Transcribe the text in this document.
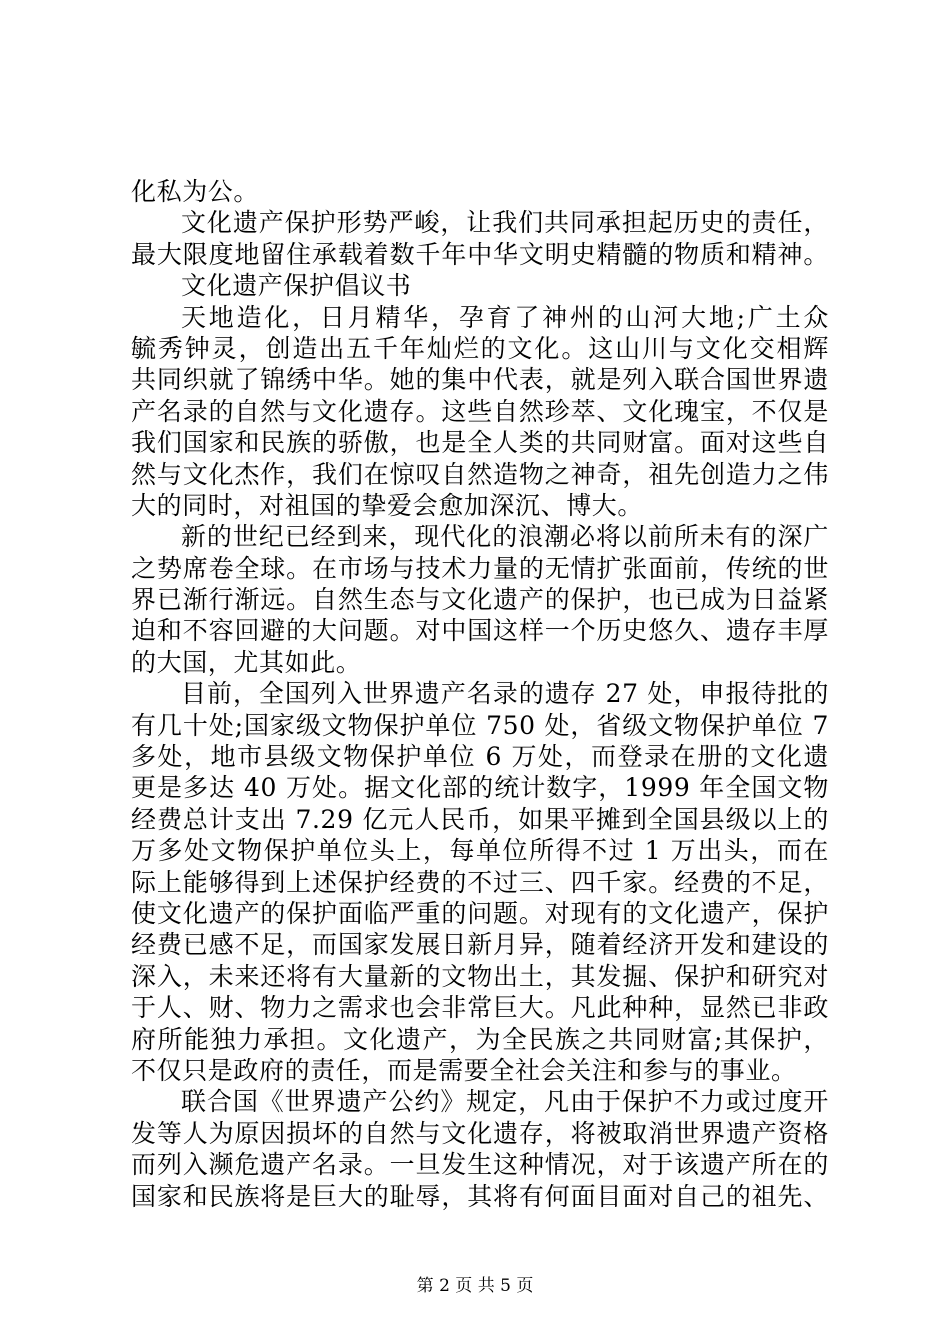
化私为公。
文化遗产保护形势严峻，让我们共同承担起历史的责任，
最大限度地留住承载着数千年中华文明史精髓的物质和精神。
文化遗产保护倡议书
天地造化，日月精华，孕育了神州的山河大地;广土众
毓秀钟灵，创造出五千年灿烂的文化。这山川与文化交相辉
共同织就了锦绣中华。她的集中代表，就是列入联合国世界遗
产名录的自然与文化遗存。这些自然珍萃、文化瑰宝，不仅是
我们国家和民族的骄傲，也是全人类的共同财富。面对这些自
然与文化杰作，我们在惊叹自然造物之神奇，祖先创造力之伟
大的同时，对祖国的挚爱会愈加深沉、博大。
新的世纪已经到来，现代化的浪潮必将以前所未有的深广
之势席卷全球。在市场与技术力量的无情扩张面前，传统的世
界已渐行渐远。自然生态与文化遗产的保护，也已成为日益紧
迫和不容回避的大问题。对中国这样一个历史悠久、遗存丰厚
的大国，尤其如此。
目前，全国列入世界遗产名录的遗存 27 处，申报待批的
有几十处;国家级文物保护单位 750 处，省级文物保护单位 7
多处，地市县级文物保护单位 6 万处，而登录在册的文化遗
更是多达 40 万处。据文化部的统计数字，1999 年全国文物
经费总计支出 7.29 亿元人民币，如果平摊到全国县级以上的
万多处文物保护单位头上，每单位所得不过 1 万出头，而在
际上能够得到上述保护经费的不过三、四千家。经费的不足，
使文化遗产的保护面临严重的问题。对现有的文化遗产，保护
经费已感不足，而国家发展日新月异，随着经济开发和建设的
深入，未来还将有大量新的文物出土，其发掘、保护和研究对
于人、财、物力之需求也会非常巨大。凡此种种，显然已非政
府所能独力承担。文化遗产，为全民族之共同财富;其保护，
不仅只是政府的责任，而是需要全社会关注和参与的事业。
联合国《世界遗产公约》规定，凡由于保护不力或过度开
发等人为原因损坏的自然与文化遗存，将被取消世界遗产资格
而列入濒危遗产名录。一旦发生这种情况，对于该遗产所在的
国家和民族将是巨大的耻辱，其将有何面目面对自己的祖先、
第 2 页 共 5 页
